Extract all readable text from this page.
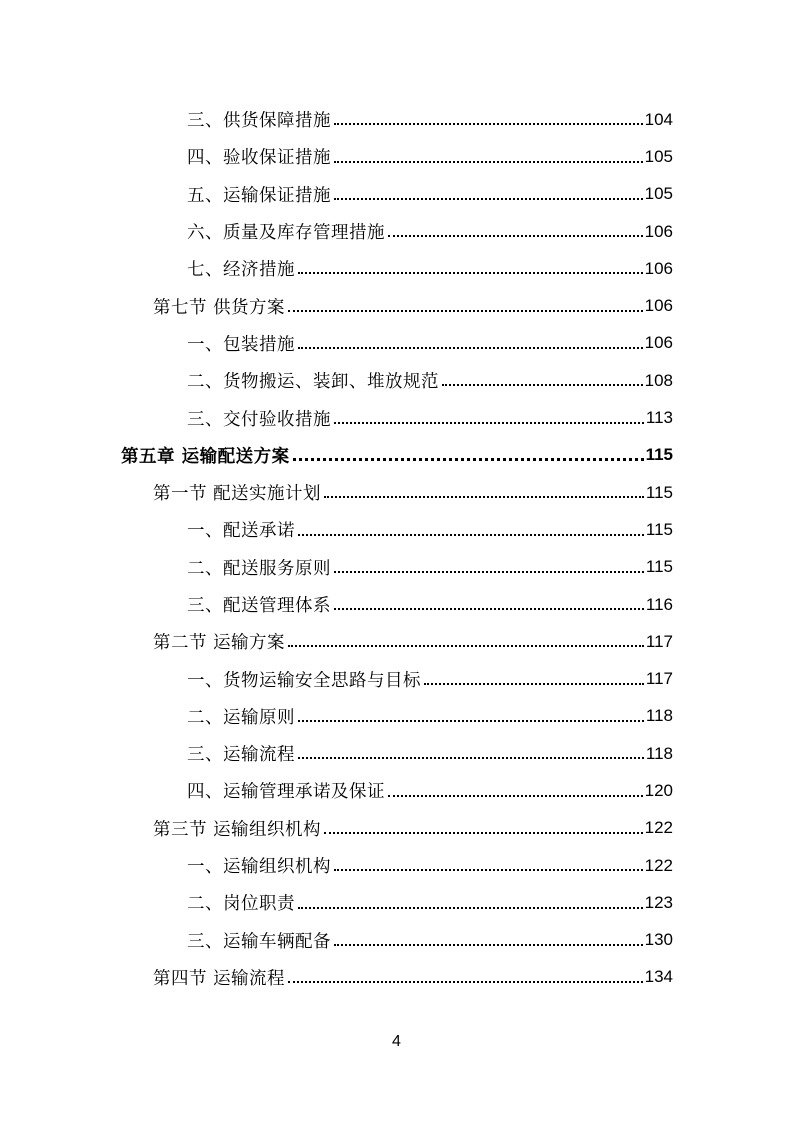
三、供货保障措施	104
四、验收保证措施	105
五、运输保证措施	105
六、质量及库存管理措施	106
七、经济措施	106
第七节 供货方案	106
一、包装措施	106
二、货物搬运、装卸、堆放规范	108
三、交付验收措施	113
第五章 运输配送方案	115
第一节 配送实施计划	115
一、配送承诺	115
二、配送服务原则	115
三、配送管理体系	116
第二节 运输方案	117
一、货物运输安全思路与目标	117
二、运输原则	118
三、运输流程	118
四、运输管理承诺及保证	120
第三节 运输组织机构	122
一、运输组织机构	122
二、岗位职责	123
三、运输车辆配备	130
第四节 运输流程	134
4
